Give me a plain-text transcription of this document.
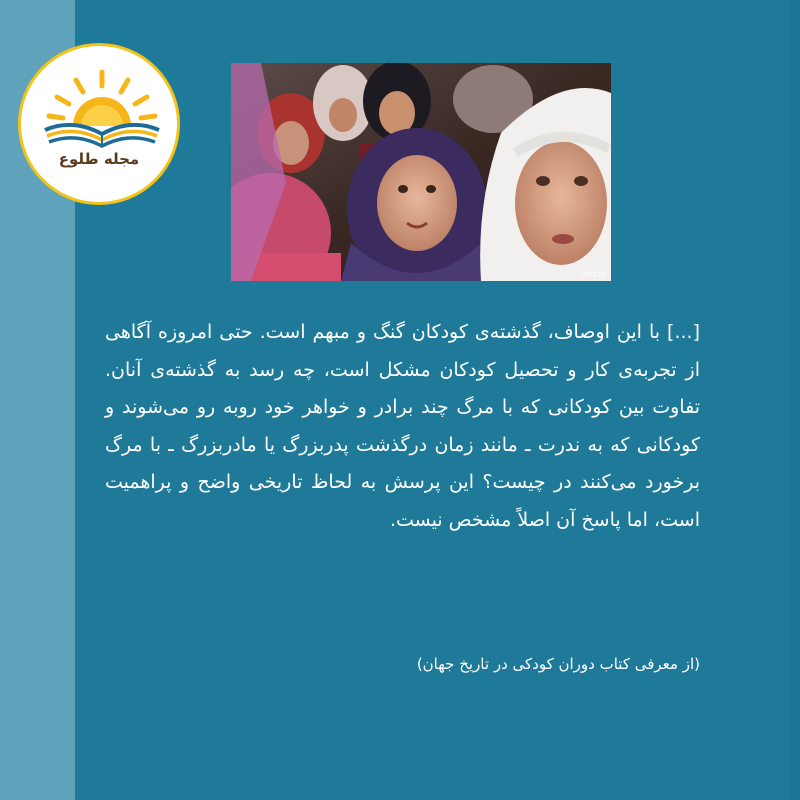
مجله طلوع
UNICEF
[...] با این اوصاف، گذشته‌ی کودکان گنگ و مبهم است. حتی امروزه آگاهی از تجربه‌ی کار و تحصیل کودکان مشکل است، چه رسد به گذشته‌ی آنان. تفاوت بین کودکانی که با مرگ چند برادر و خواهر خود روبه رو می‌شوند و کودکانی که به ندرت ـ مانند زمان درگذشت پدربزرگ یا مادربزرگ ـ با مرگ برخورد می‌کنند در چیست؟ این پرسش به لحاظ تاریخی واضح و پراهمیت است، اما پاسخ آن اصلاً مشخص نیست.
(از معرفی کتاب دوران کودکی در تاریخ جهان)
